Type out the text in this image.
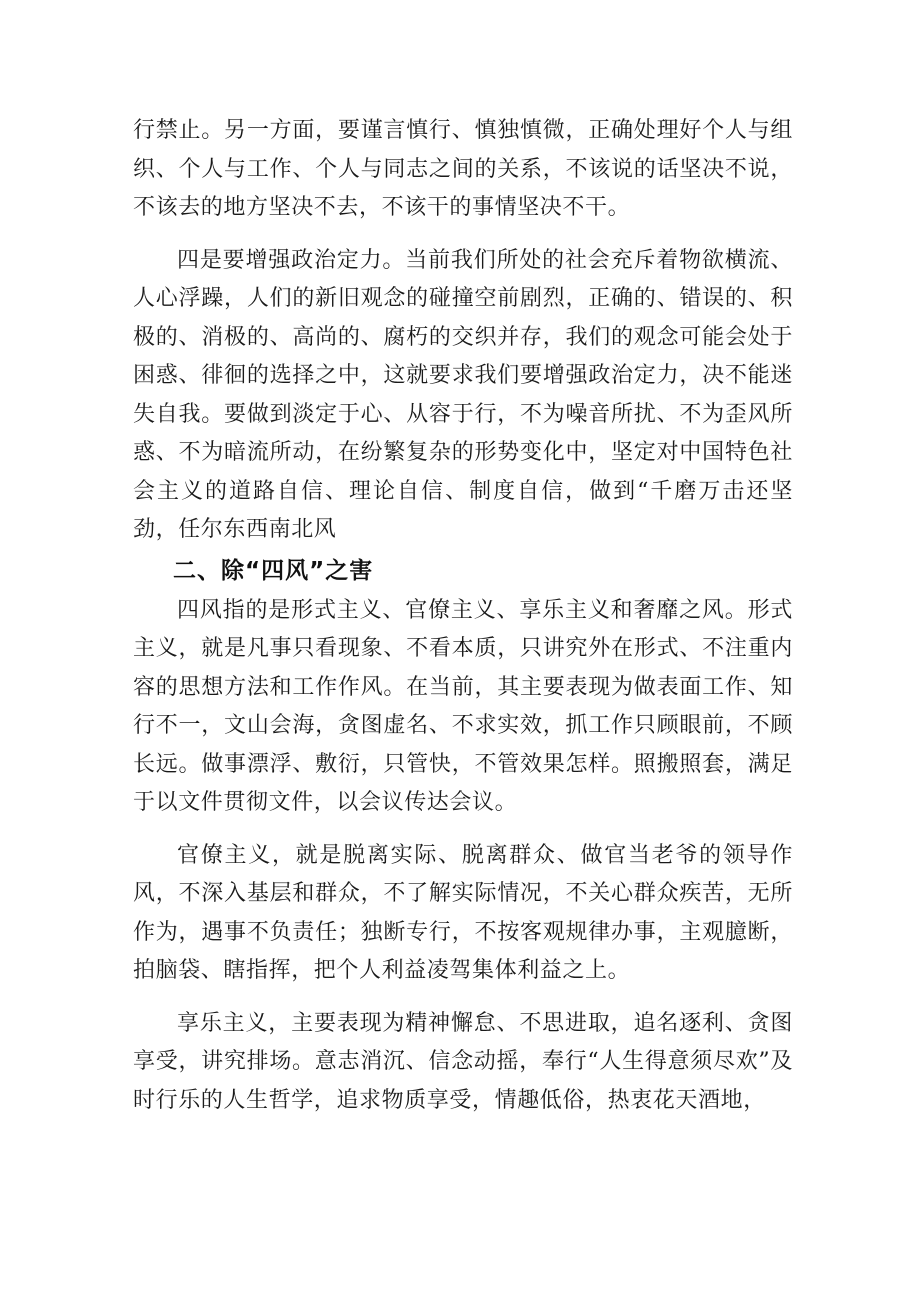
行禁止。另一方面，要谨言慎行、慎独慎微，正确处理好个人与组织、个人与工作、个人与同志之间的关系，不该说的话坚决不说，不该去的地方坚决不去，不该干的事情坚决不干。

四是要增强政治定力。当前我们所处的社会充斥着物欲横流、人心浮躁，人们的新旧观念的碰撞空前剧烈，正确的、错误的、积极的、消极的、高尚的、腐朽的交织并存，我们的观念可能会处于困惑、徘徊的选择之中，这就要求我们要增强政治定力，决不能迷失自我。要做到淡定于心、从容于行，不为噪音所扰、不为歪风所惑、不为暗流所动，在纷繁复杂的形势变化中，坚定对中国特色社会主义的道路自信、理论自信、制度自信，做到“千磨万击还坚劲，任尔东西南北风

二、除“四风”之害

四风指的是形式主义、官僚主义、享乐主义和奢靡之风。形式主义，就是凡事只看现象、不看本质，只讲究外在形式、不注重内容的思想方法和工作作风。在当前，其主要表现为做表面工作、知行不一，文山会海，贪图虚名、不求实效，抓工作只顾眼前，不顾长远。做事漂浮、敷衍，只管快，不管效果怎样。照搬照套，满足于以文件贯彻文件，以会议传达会议。

官僚主义，就是脱离实际、脱离群众、做官当老爷的领导作风，不深入基层和群众，不了解实际情况，不关心群众疾苦，无所作为，遇事不负责任；独断专行，不按客观规律办事，主观臆断，拍脑袋、瞎指挥，把个人利益凌驾集体利益之上。

享乐主义，主要表现为精神懈怠、不思进取，追名逐利、贪图享受，讲究排场。意志消沉、信念动摇，奉行“人生得意须尽欢”及时行乐的人生哲学，追求物质享受，情趣低俗，热衷花天酒地，
